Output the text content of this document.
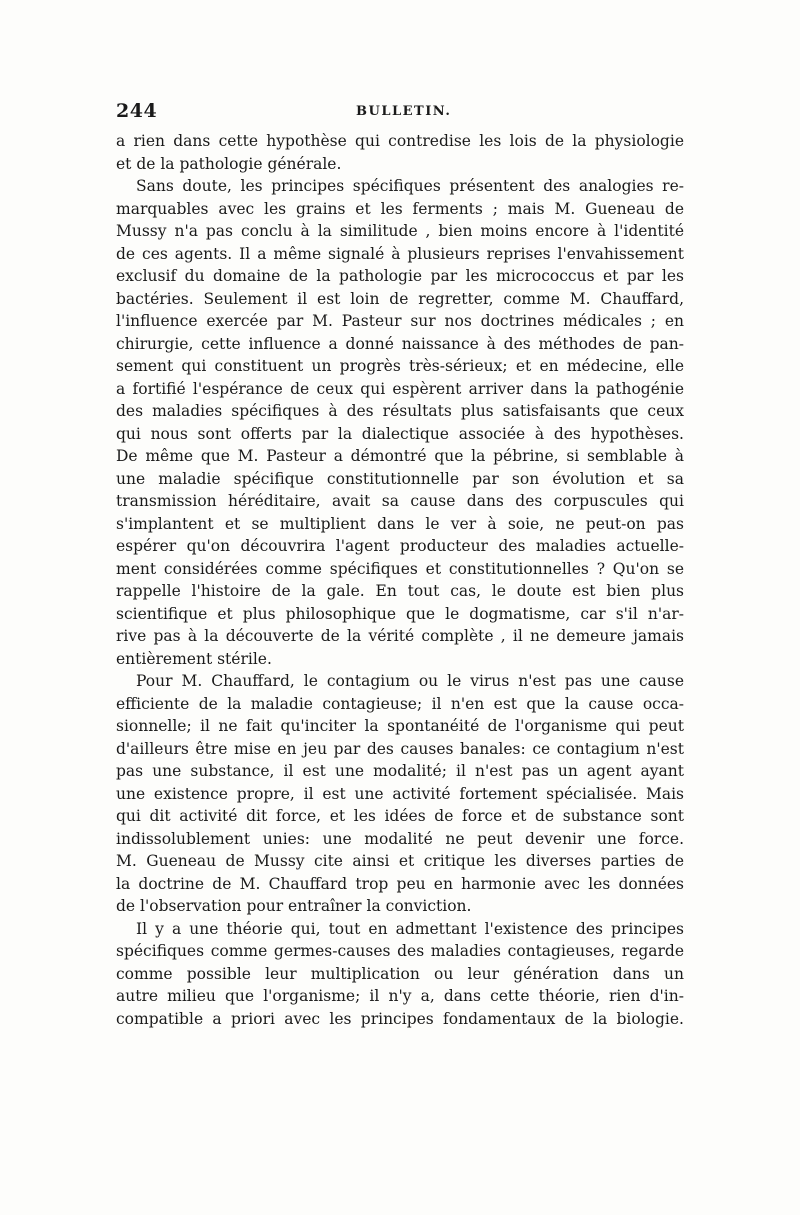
244	BULLETIN.
a rien dans cette hypothèse qui contredise les lois de la physiologie
et de la pathologie générale.
Sans doute, les principes spécifiques présentent des analogies re-
marquables avec les grains et les ferments ; mais M. Gueneau de
Mussy n'a pas conclu à la similitude , bien moins encore à l'identité
de ces agents. Il a même signalé à plusieurs reprises l'envahissement
exclusif du domaine de la pathologie par les micrococcus et par les
bactéries. Seulement il est loin de regretter, comme M. Chauffard,
l'influence exercée par M. Pasteur sur nos doctrines médicales ; en
chirurgie, cette influence a donné naissance à des méthodes de pan-
sement qui constituent un progrès très-sérieux; et en médecine, elle
a fortifié l'espérance de ceux qui espèrent arriver dans la pathogénie
des maladies spécifiques à des résultats plus satisfaisants que ceux
qui nous sont offerts par la dialectique associée à des hypothèses.
De même que M. Pasteur a démontré que la pébrine, si semblable à
une maladie spécifique constitutionnelle par son évolution et sa
transmission héréditaire, avait sa cause dans des corpuscules qui
s'implantent et se multiplient dans le ver à soie, ne peut-on pas
espérer qu'on découvrira l'agent producteur des maladies actuelle-
ment considérées comme spécifiques et constitutionnelles ? Qu'on se
rappelle l'histoire de la gale. En tout cas, le doute est bien plus
scientifique et plus philosophique que le dogmatisme, car s'il n'ar-
rive pas à la découverte de la vérité complète , il ne demeure jamais
entièrement stérile.
Pour M. Chauffard, le contagium ou le virus n'est pas une cause
efficiente de la maladie contagieuse; il n'en est que la cause occa-
sionnelle; il ne fait qu'inciter la spontanéité de l'organisme qui peut
d'ailleurs être mise en jeu par des causes banales: ce contagium n'est
pas une substance, il est une modalité; il n'est pas un agent ayant
une existence propre, il est une activité fortement spécialisée. Mais
qui dit activité dit force, et les idées de force et de substance sont
indissolublement unies: une modalité ne peut devenir une force.
M. Gueneau de Mussy cite ainsi et critique les diverses parties de
la doctrine de M. Chauffard trop peu en harmonie avec les données
de l'observation pour entraîner la conviction.
Il y a une théorie qui, tout en admettant l'existence des principes
spécifiques comme germes-causes des maladies contagieuses, regarde
comme possible leur multiplication ou leur génération dans un
autre milieu que l'organisme; il n'y a, dans cette théorie, rien d'in-
compatible a priori avec les principes fondamentaux de la biologie.
